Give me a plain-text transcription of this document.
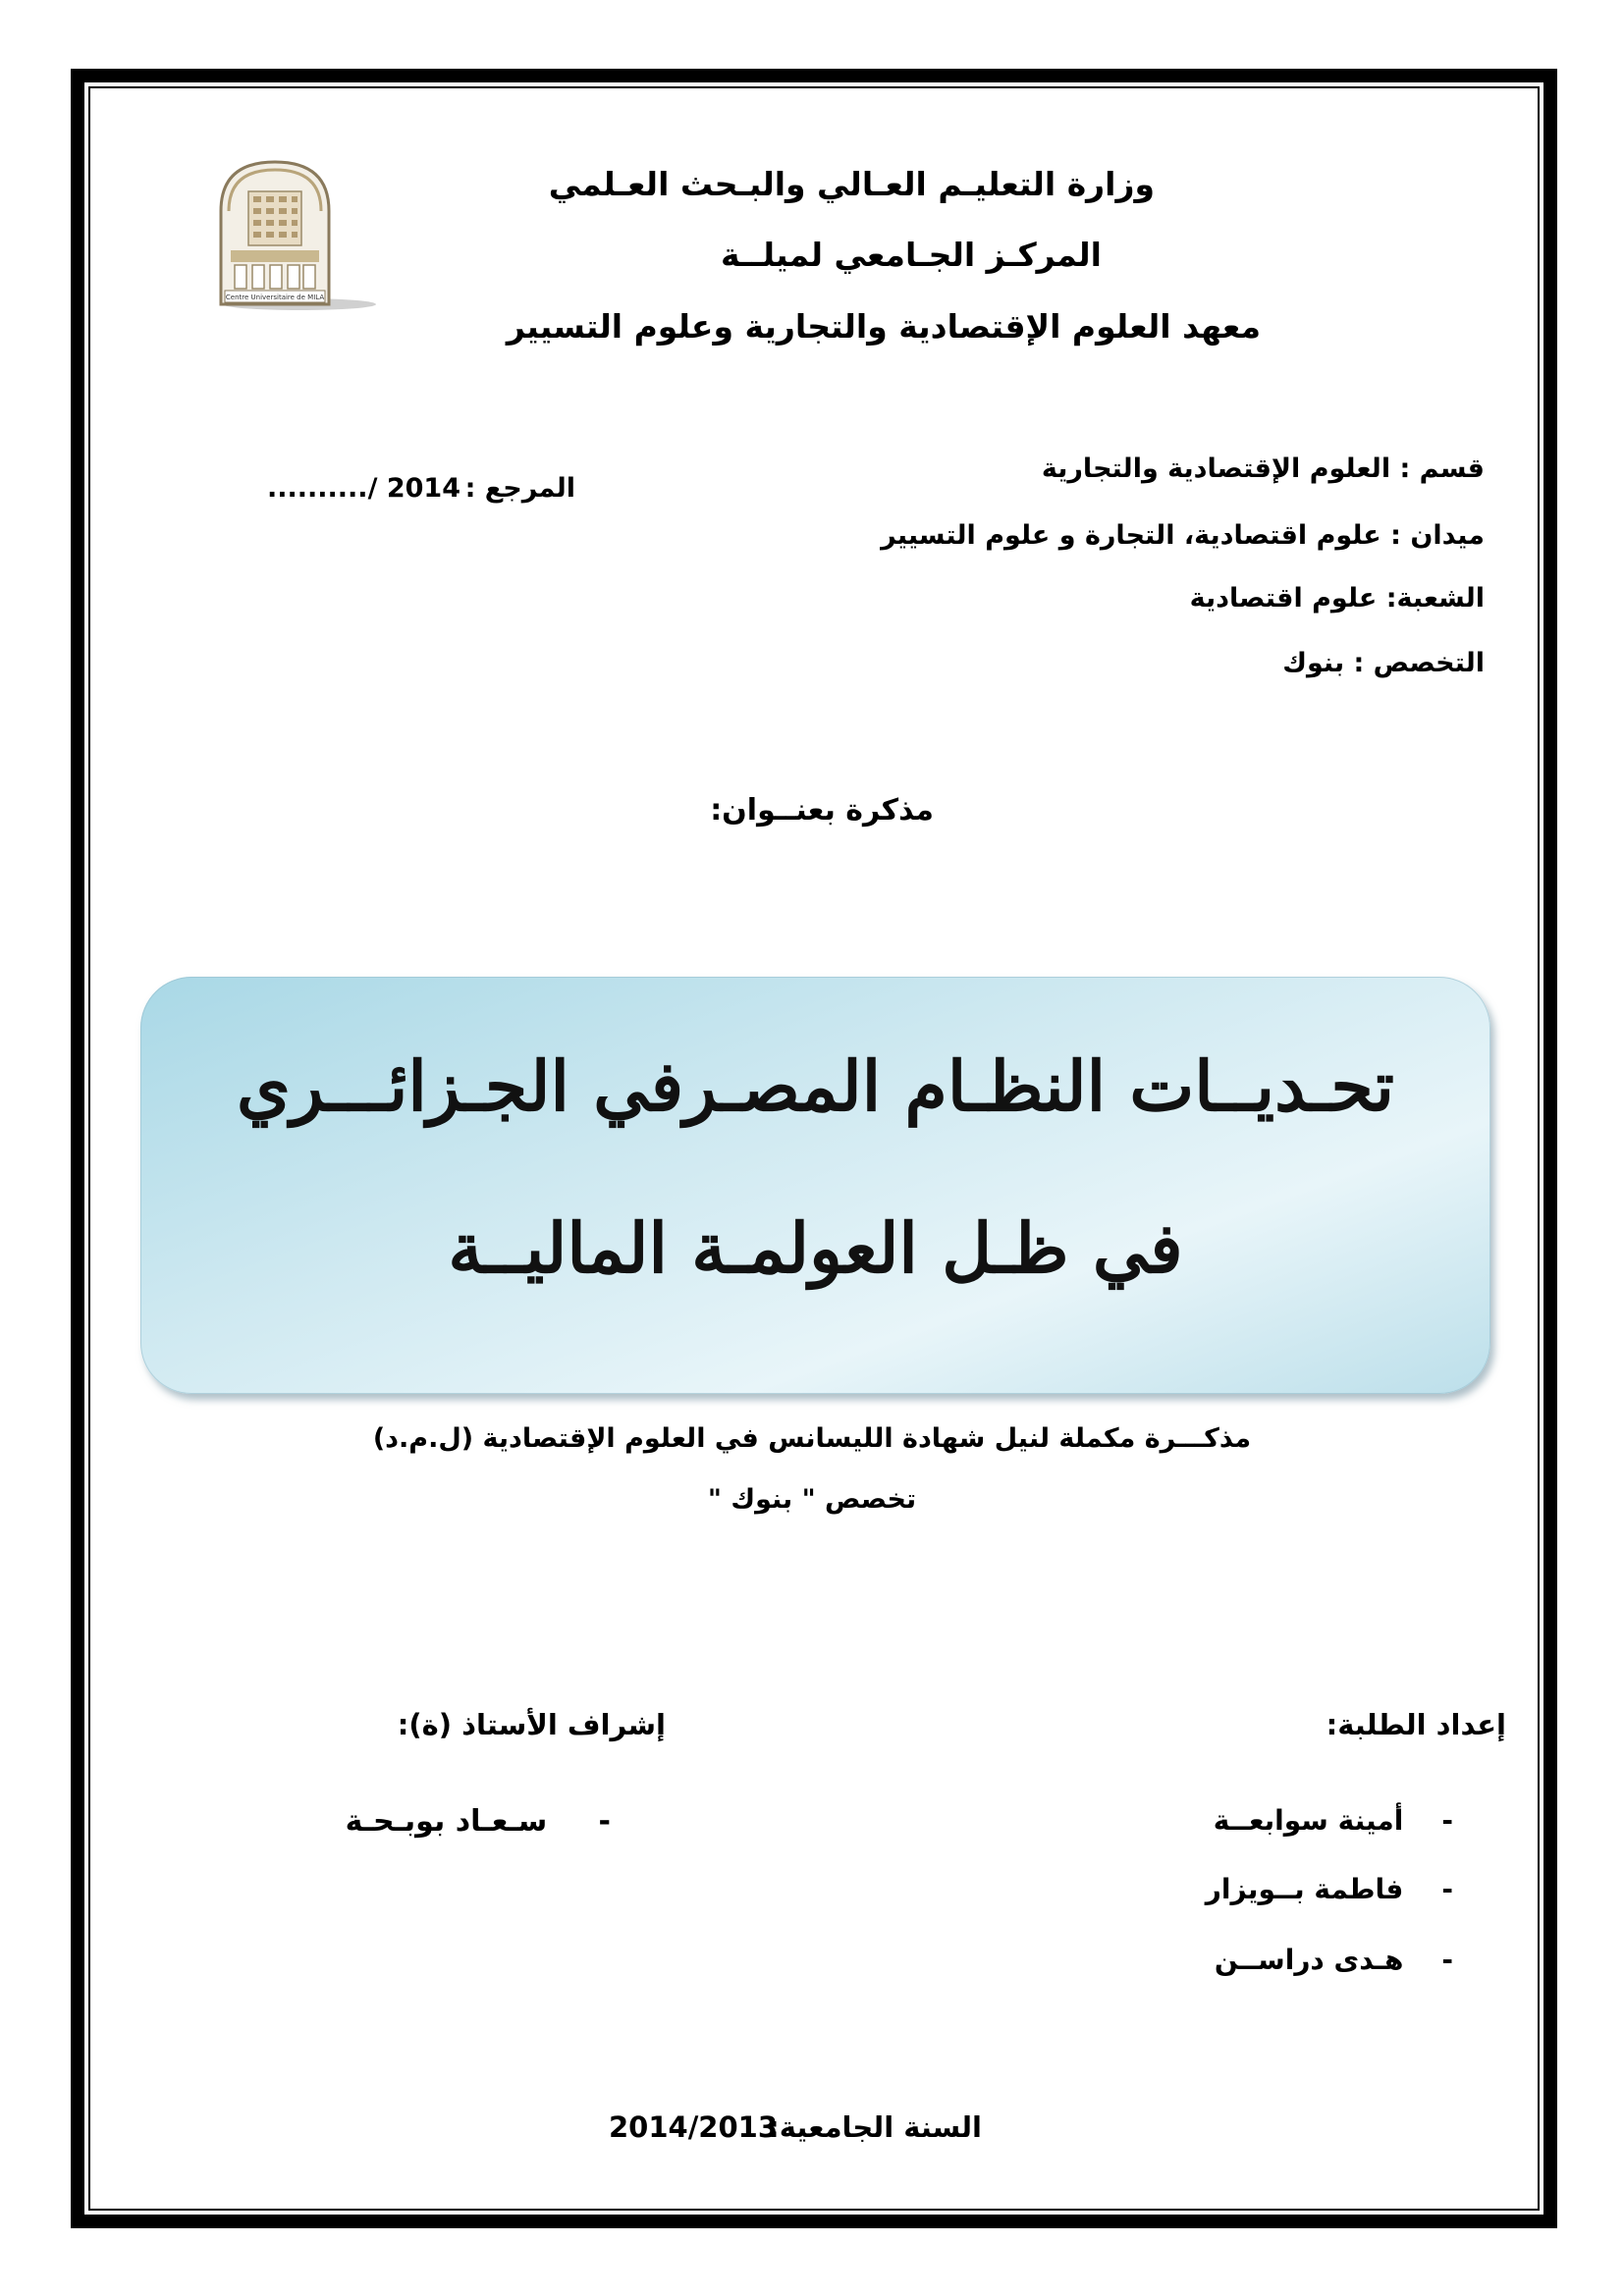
Centre Universitaire de MILA
وزارة التعليـم العـالي والبـحث العـلمي
المركـز الجـامعي لميلــة
معهد العلوم الإقتصادية والتجارية وعلوم التسيير
قسم : العلوم الإقتصادية والتجارية
ميدان : علوم اقتصادية، التجارة و علوم التسيير
الشعبة: علوم اقتصادية
التخصص : بنوك
المرجع :
........../ 2014
مذكرة بعنــوان:
تحـديــات النظـام المصـرفي الجـزائـــري
في ظـل العولمـة الماليــة
مذكـــرة مكملة لنيل شهادة الليسانس في العلوم الإقتصادية (ل.م.د)
تخصص " بنوك "
إعداد الطلبة:
-    أمينة سوابعــة
-    فاطمة بــويزار
-    هـدى دراســن
إشراف الأستاذ (ة):
-     سـعـاد بوبـحـة
السنة الجامعية:
2014/2013
